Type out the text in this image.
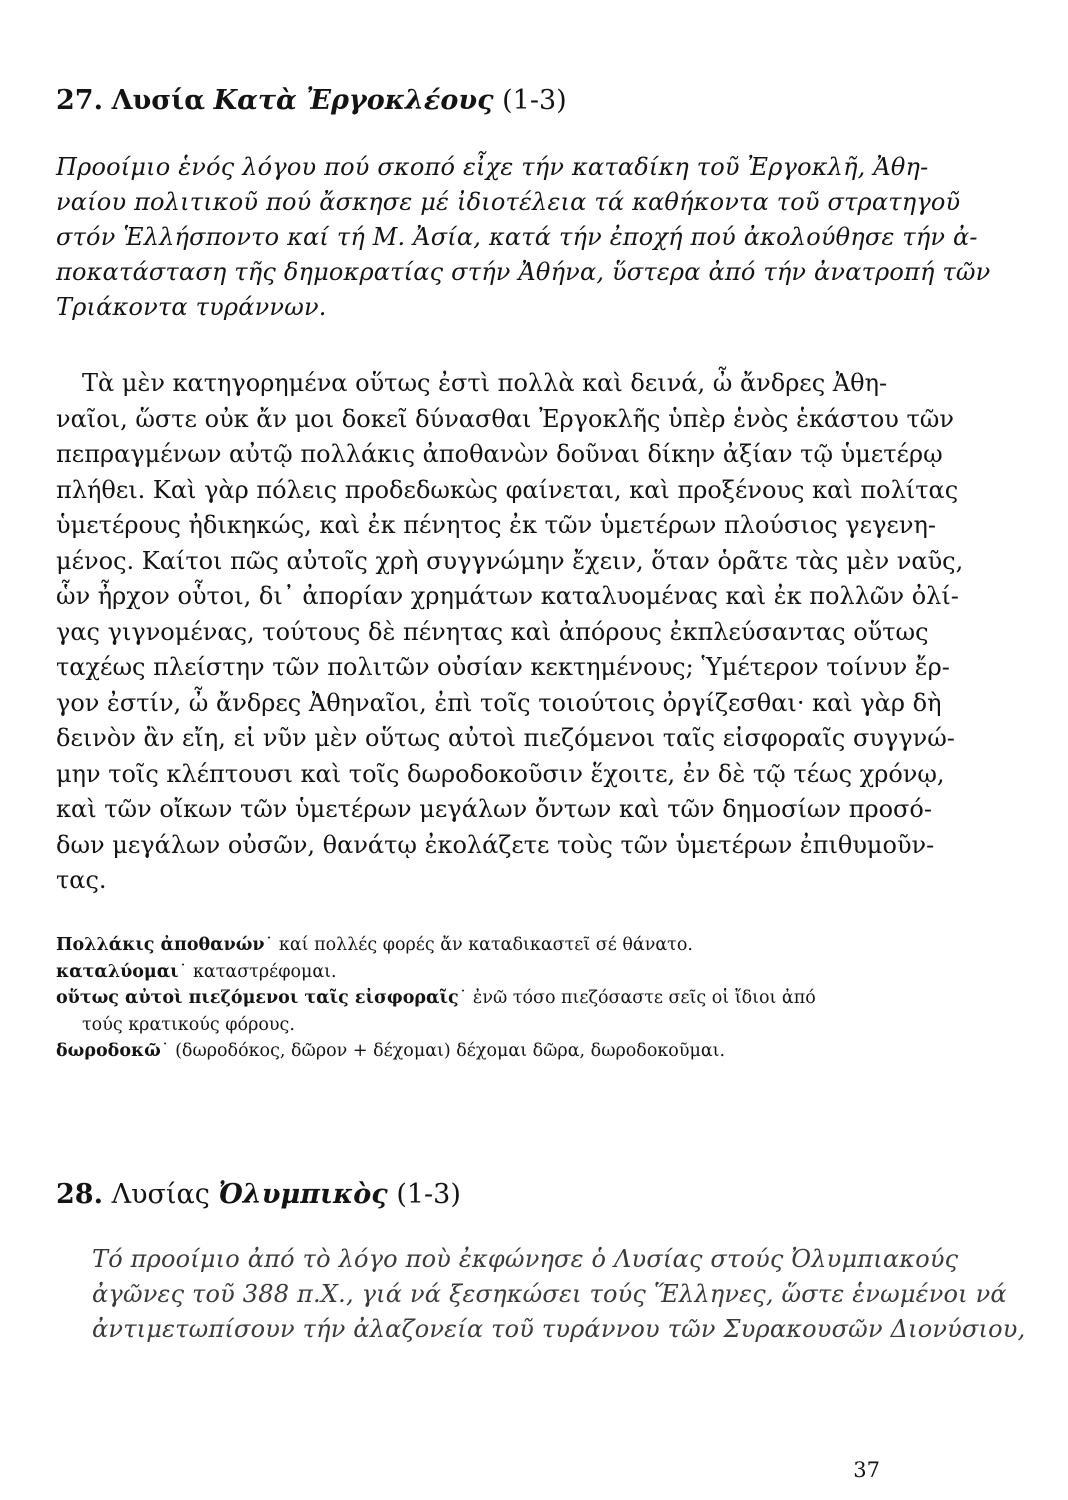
27. Λυσία Κατὰ Ἐργοκλέους (1-3)
Προοίμιο ἑνός λόγου πού σκοπό εἶχε τήν καταδίκη τοῦ Ἐργοκλῆ, Ἀθη-
ναίου πολιτικοῦ πού ἄσκησε μέ ἰδιοτέλεια τά καθήκοντα τοῦ στρατηγοῦ
στόν Ἑλλήσποντο καί τή Μ. Ἀσία, κατά τήν ἐποχή πού ἀκολούθησε τήν ἀ-
ποκατάσταση τῆς δημοκρατίας στήν Ἀθήνα, ὕστερα ἀπό τήν ἀνατροπή τῶν
Τριάκοντα τυράννων.
Τὰ μὲν κατηγορημένα οὕτως ἐστὶ πολλὰ καὶ δεινά, ὦ ἄνδρες Ἀθη-
ναῖοι, ὥστε οὐκ ἄν μοι δοκεῖ δύνασθαι Ἐργοκλῆς ὑπὲρ ἑνὸς ἑκάστου τῶν
πεπραγμένων αὐτῷ πολλάκις ἀποθανὼν δοῦναι δίκην ἀξίαν τῷ ὑμετέρῳ
πλήθει. Καὶ γὰρ πόλεις προδεδωκὼς φαίνεται, καὶ προξένους καὶ πολίτας
ὑμετέρους ἠδικηκώς, καὶ ἐκ πένητος ἐκ τῶν ὑμετέρων πλούσιος γεγενη-
μένος. Καίτοι πῶς αὐτοῖς χρὴ συγγνώμην ἔχειν, ὅταν ὁρᾶτε τὰς μὲν ναῦς,
ὧν ἦρχον οὗτοι, δι᾽ ἀπορίαν χρημάτων καταλυομένας καὶ ἐκ πολλῶν ὀλί-
γας γιγνομένας, τούτους δὲ πένητας καὶ ἀπόρους ἐκπλεύσαντας οὕτως
ταχέως πλείστην τῶν πολιτῶν οὐσίαν κεκτημένους; Ὑμέτερον τοίνυν ἔρ-
γον ἐστίν, ὦ ἄνδρες Ἀθηναῖοι, ἐπὶ τοῖς τοιούτοις ὀργίζεσθαι· καὶ γὰρ δὴ
δεινὸν ἂν εἴη, εἰ νῦν μὲν οὕτως αὐτοὶ πιεζόμενοι ταῖς εἰσφοραῖς συγγνώ-
μην τοῖς κλέπτουσι καὶ τοῖς δωροδοκοῦσιν ἕχοιτε, ἐν δὲ τῷ τέως χρόνῳ,
καὶ τῶν οἴκων τῶν ὑμετέρων μεγάλων ὄντων καὶ τῶν δημοσίων προσό-
δων μεγάλων οὐσῶν, θανάτῳ ἐκολάζετε τοὺς τῶν ὑμετέρων ἐπιθυμοῦν-
τας.
Πολλάκις ἀποθανών˙ καί πολλές φορές ἄν καταδικαστεῖ σέ θάνατο.
καταλύομαι˙ καταστρέφομαι.
οὕτως αὐτοὶ πιεζόμενοι ταῖς εἰσφοραῖς˙ ἐνῶ τόσο πιεζόσαστε σεῖς οἱ ἴδιοι ἀπό
τούς κρατικούς φόρους.
δωροδοκῶ˙ (δωροδόκος, δῶρον + δέχομαι) δέχομαι δῶρα, δωροδοκοῦμαι.
28. Λυσίας Ὀλυμπικὸς (1-3)
Τό προοίμιο ἀπό τὸ λόγο ποὺ ἐκφώνησε ὁ Λυσίας στούς Ὀλυμπιακούς
ἀγῶνες τοῦ 388 π.Χ., γιά νά ξεσηκώσει τούς Ἕλληνες, ὥστε ἑνωμένοι νά
ἀντιμετωπίσουν τήν ἀλαζονεία τοῦ τυράννου τῶν Συρακουσῶν Διονύσιου,
37
